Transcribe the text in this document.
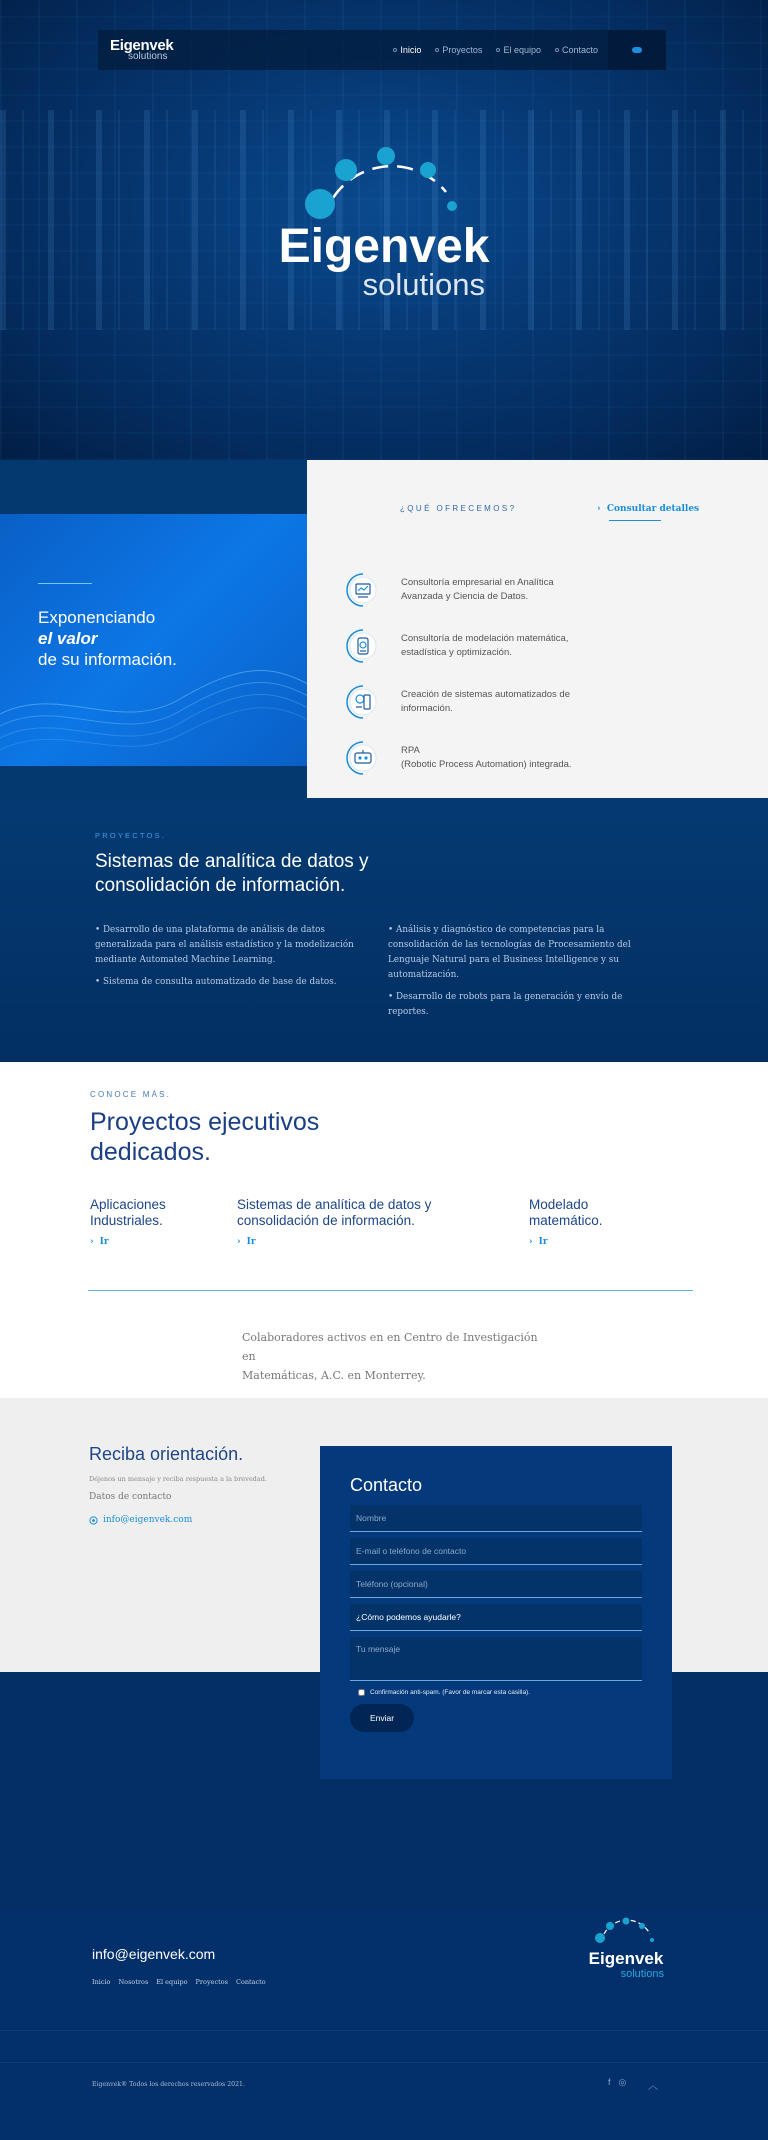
Eigenvek
solutions
Inicio Proyectos El equipo Contacto
Eigenvek
solutions
Exponenciando
el valor
de su información.
¿QUÉ OFRECEMOS?	›  Consultar detalles
Consultoría empresarial en Analítica
Avanzada y Ciencia de Datos.
Consultoría de modelación matemática,
estadística y optimización.
Creación de sistemas automatizados de
información.
RPA
(Robotic Process Automation) integrada.
PROYECTOS.
Sistemas de analítica de datos y
consolidación de información.

• Desarrollo de una plataforma de análisis de datos generalizada para el análisis estadístico y la modelización mediante Automated Machine Learning.

• Sistema de consulta automatizado de base de datos.

• Análisis y diagnóstico de competencias para la consolidación de las tecnologías de Procesamiento del Lenguaje Natural para el Business Intelligence y su automatización.

• Desarrollo de robots para la generación y envío de reportes.

CONOCE MÁS.
Proyectos ejecutivos
dedicados.
Aplicaciones
Industriales.
› Ir
Sistemas de analítica de datos y
consolidación de información.
› Ir
Modelado
matemático.
› Ir
Colaboradores activos en en Centro de Investigación en
Matemáticas, A.C. en Monterrey.
Reciba orientación.
Déjenos un mensaje y reciba respuesta a la brevedad.
Datos de contacto
info@eigenvek.com
Contacto
Nombre
E-mail o teléfono de contacto
Teléfono (opcional)
¿Cómo podemos ayudarle?
Tu mensaje
Confirmación anti-spam. (Favor de marcar esta casilla).
Enviar
info@eigenvek.com
Inicio Nosotros El equipo Proyectos Contacto
Eigenvek
solutions
Eigenvek® Todos los derechos reservados 2021.	f ◎ ︿
